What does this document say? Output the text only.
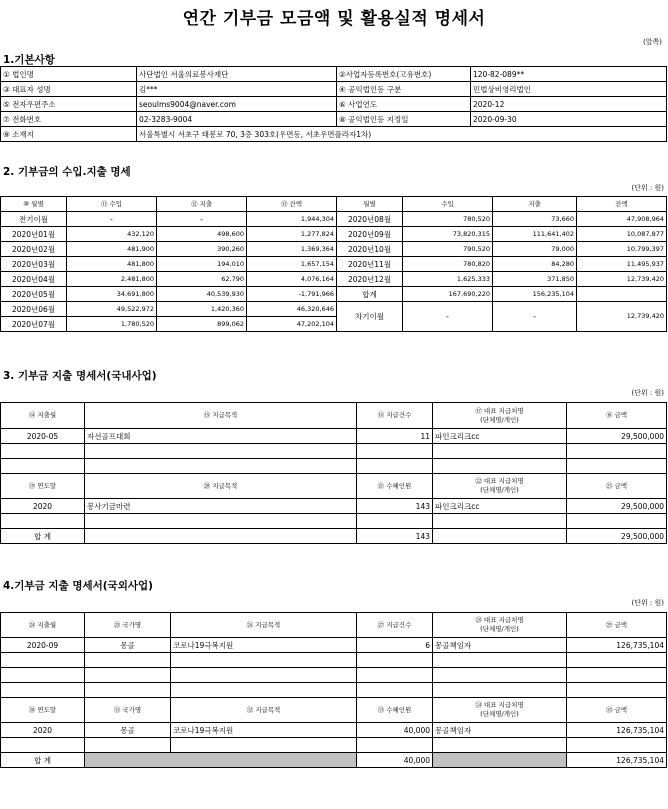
연간 기부금 모금액 및 활용실적 명세서
(앞쪽)
1.기본사항
① 법인명	사단법인 서울의료봉사재단	②사업자등록번호(고유번호)	120-82-089**
③ 대표자 성명	김***	④ 공익법인등 구분	민법상비영리법인
⑤ 전자우편주소	seoulms9004@naver.com	⑥ 사업연도	2020-12
⑦ 전화번호	02-3283-9004	⑧ 공익법인등 지정일	2020-09-30
⑨ 소재지	서울특별시 서초구 태봉로 70, 3층 303호(우면동, 서초우면플라자1차)		
2. 기부금의 수입.지출 명세
(단위 : 원)
⑩ 월별	⑪ 수입	⑫ 지출	⑬ 잔액	월별	수입	지출	잔액
전기이월	-	-	1,944,304	2020년08월	780,520	73,660	47,908,964
2020년01월	432,120	498,600	1,277,824	2020년09월	73,820,315	111,641,402	10,087,877
2020년02월	481,900	390,260	1,369,364	2020년10월	790,520	79,000	10,799,397
2020년03월	481,800	194,010	1,657,154	2020년11월	780,820	84,280	11,495,937
2020년04월	2,481,800	62,790	4,076,164	2020년12월	1,625,333	371,850	12,739,420
2020년05월	34,691,800	40,539,930	-1,791,966	합계	167,690,220	156,235,104	
2020년06월	49,522,972	1,420,360	46,320,646	차기이월	-	-	12,739,420
2020년07월	1,780,520	899,062	47,202,104				
3. 기부금 지출 명세서(국내사업)
(단위 : 원)
⑭ 지출월	⑮ 지급목적	⑯ 지급건수	⑰ 대표 지급처명
(단체명/개인)	⑱ 금액
2020-05	자선골프대회	11	파인크리크cc	29,500,000

⑲ 연도말	⑳ 지급목적	㉑ 수혜인원	㉒ 대표 지급처명
(단체명/개인)	㉓ 금액
2020	봉사기금마련	143	파인크리크cc	29,500,000

합 계		143		29,500,000
4.기부금 지출 명세서(국외사업)
(단위 : 원)
㉔ 지출월	㉕ 국가명	㉖ 지급목적	㉗ 지급건수	㉘ 대표 지급처명
(단체명/개인)	㉙ 금액
2020-09	몽골	코로나19극복지원	6	몽골책임자	126,735,104

㉚ 연도말	㉛ 국가명	㉜ 지급목적	㉝ 수혜인원	㉞ 대표 지급처명
(단체명/개인)	㉟ 금액
2020	몽골	코로나19극복지원	40,000	몽골책임자	126,735,104

합 계			40,000		126,735,104
